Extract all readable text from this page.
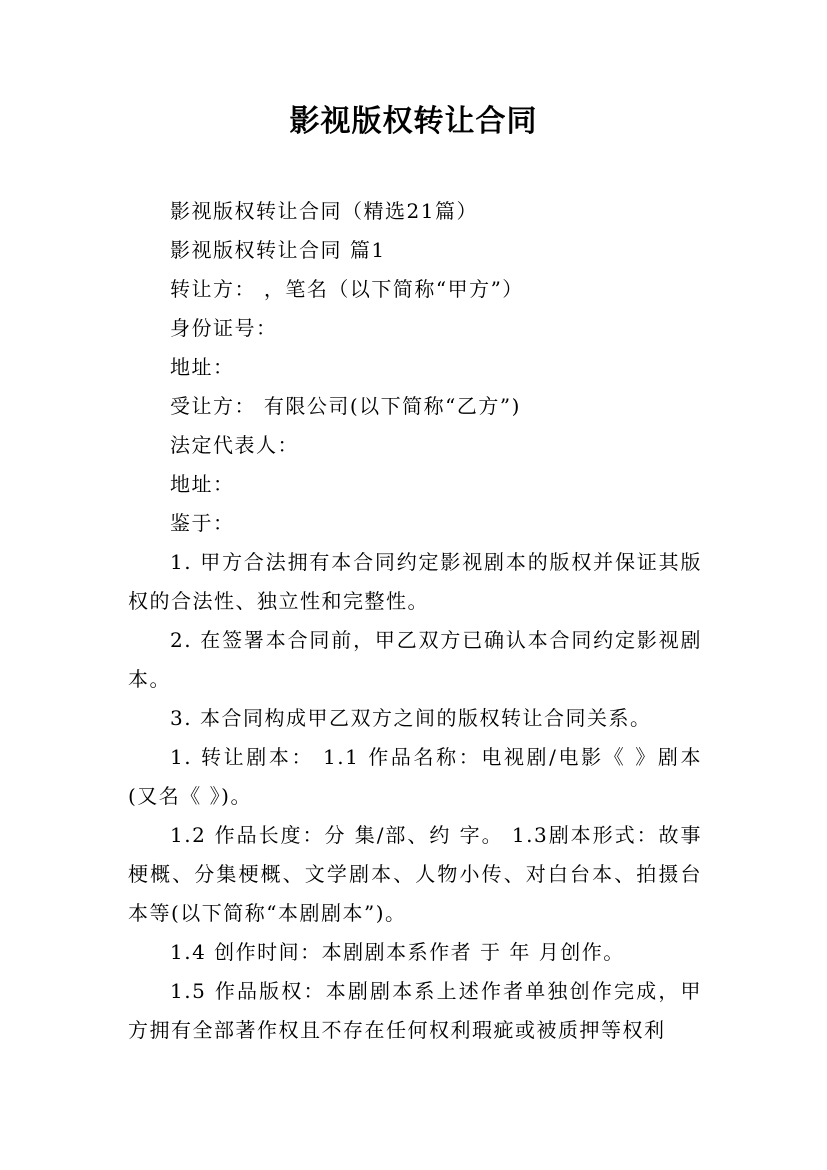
影视版权转让合同
影视版权转让合同（精选21篇）
影视版权转让合同 篇1
转让方： ，笔名（以下简称“甲方”）
身份证号：
地址：
受让方： 有限公司(以下简称“乙方”)
法定代表人：
地址：
鉴于：

1. 甲方合法拥有本合同约定影视剧本的版权并保证其版权的合法性、独立性和完整性。

2. 在签署本合同前，甲乙双方已确认本合同约定影视剧本。

3. 本合同构成甲乙双方之间的版权转让合同关系。

1. 转让剧本： 1.1 作品名称：电视剧/电影《 》剧本(又名《 》)。

1.2 作品长度：分 集/部、约 字。 1.3剧本形式：故事梗概、分集梗概、文学剧本、人物小传、对白台本、拍摄台本等(以下简称“本剧剧本”)。

1.4 创作时间：本剧剧本系作者 于 年 月创作。

1.5 作品版权：本剧剧本系上述作者单独创作完成，甲方拥有全部著作权且不存在任何权利瑕疵或被质押等权利
